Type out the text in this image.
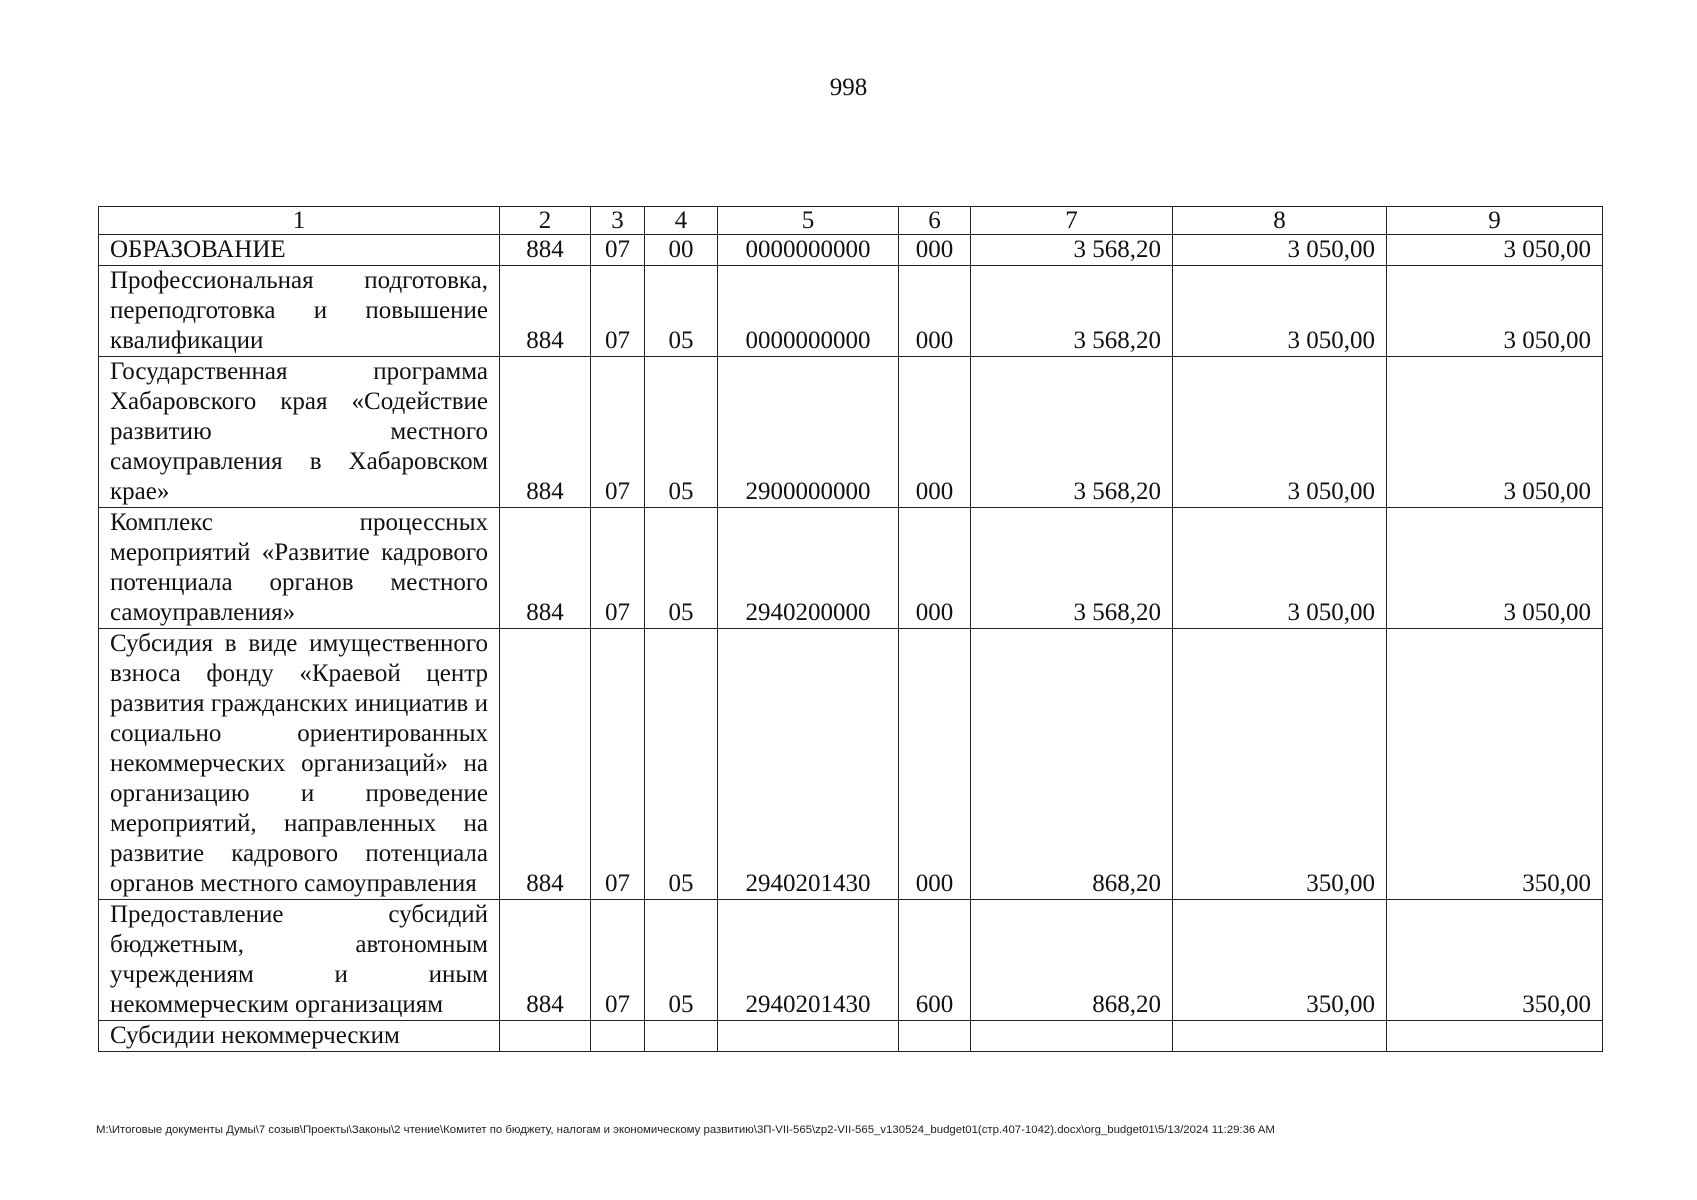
998
1	2	3	4	5	6	7	8	9
ОБРАЗОВАНИЕ	884	07	00	0000000000	000	3 568,20	3 050,00	3 050,00
Профессиональная подготовка, переподготовка и повышение квалификации	884	07	05	0000000000	000	3 568,20	3 050,00	3 050,00
Государственная программа Хабаровского края «Содействие развитию местного самоуправления в Хабаровском крае»	884	07	05	2900000000	000	3 568,20	3 050,00	3 050,00
Комплекс процессных мероприятий «Развитие кадрового потенциала органов местного самоуправления»	884	07	05	2940200000	000	3 568,20	3 050,00	3 050,00
Субсидия в виде имущественного взноса фонду «Краевой центр развития гражданских инициатив и социально ориентированных некоммерческих организаций» на организацию и проведение мероприятий, направленных на развитие кадрового потенциала органов местного самоуправления	884	07	05	2940201430	000	868,20	350,00	350,00
Предоставление субсидий бюджетным, автономным учреждениям и иным некоммерческим организациям	884	07	05	2940201430	600	868,20	350,00	350,00
Субсидии некоммерческим								
M:\Итоговые документы Думы\7 созыв\Проекты\Законы\2 чтение\Комитет по бюджету, налогам и экономическому развитию\3П-VII-565\zp2-VII-565_v130524_budget01(стр.407-1042).docx\org_budget01\5/13/2024 11:29:36 AM
